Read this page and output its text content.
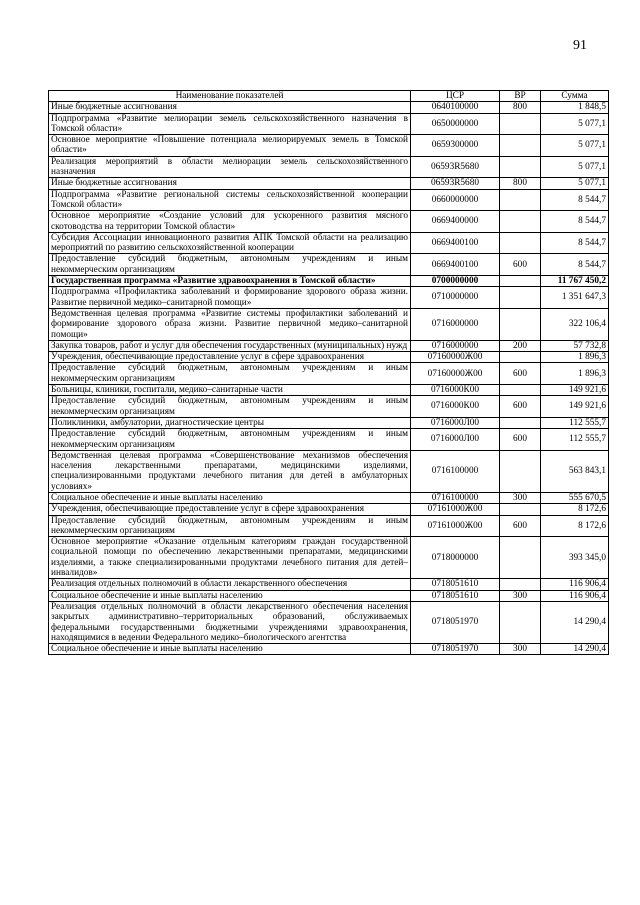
91
Наименование показателей	ЦСР	ВР	Сумма
Иные бюджетные ассигнования	0640100000	800	1 848,5
Подпрограмма «Развитие мелиорации земель сельскохозяйственного назначения в Томской области»	0650000000		5 077,1
Основное мероприятие «Повышение потенциала мелиорируемых земель в Томской области»	0659300000		5 077,1
Реализация мероприятий в области мелиорации земель сельскохозяйственного назначения	06593R5680		5 077,1
Иные бюджетные ассигнования	06593R5680	800	5 077,1
Подпрограмма «Развитие региональной системы сельскохозяйственной кооперации Томской области»	0660000000		8 544,7
Основное мероприятие «Создание условий для ускоренного развития мясного скотоводства на территории Томской области»	0669400000		8 544,7
Субсидия Ассоциации инновационного развития АПК Томской области на реализацию мероприятий по развитию сельскохозяйственной кооперации	0669400100		8 544,7
Предоставление субсидий бюджетным, автономным учреждениям и иным некоммерческим организациям	0669400100	600	8 544,7
Государственная программа «Развитие здравоохранения в Томской области»	0700000000		11 767 450,2
Подпрограмма «Профилактика заболеваний и формирование здорового образа жизни. Развитие первичной медико–санитарной помощи»	0710000000		1 351 647,3
Ведомственная целевая программа «Развитие системы профилактики заболеваний и формирование здорового образа жизни. Развитие первичной медико–санитарной помощи»	0716000000		322 106,4
Закупка товаров, работ и услуг для обеспечения государственных (муниципальных) нужд	0716000000	200	57 732,8
Учреждения, обеспечивающие предоставление услуг в сфере здравоохранения	07160000Ж00		1 896,3
Предоставление субсидий бюджетным, автономным учреждениям и иным некоммерческим организациям	07160000Ж00	600	1 896,3
Больницы, клиники, госпитали, медико–санитарные части	0716000К00		149 921,6
Предоставление субсидий бюджетным, автономным учреждениям и иным некоммерческим организациям	0716000К00	600	149 921,6
Поликлиники, амбулатории, диагностические центры	0716000Л00		112 555,7
Предоставление субсидий бюджетным, автономным учреждениям и иным некоммерческим организациям	0716000Л00	600	112 555,7
Ведомственная целевая программа «Совершенствование механизмов обеспечения населения лекарственными препаратами, медицинскими изделиями, специализированными продуктами лечебного питания для детей в амбулаторных условиях»	0716100000		563 843,1
Социальное обеспечение и иные выплаты населению	0716100000	300	555 670,5
Учреждения, обеспечивающие предоставление услуг в сфере здравоохранения	07161000Ж00		8 172,6
Предоставление субсидий бюджетным, автономным учреждениям и иным некоммерческим организациям	07161000Ж00	600	8 172,6
Основное мероприятие «Оказание отдельным категориям граждан государственной социальной помощи по обеспечению лекарственными препаратами, медицинскими изделиями, а также специализированными продуктами лечебного питания для детей–инвалидов»	0718000000		393 345,0
Реализация отдельных полномочий в области лекарственного обеспечения	0718051610		116 906,4
Социальное обеспечение и иные выплаты населению	0718051610	300	116 906,4
Реализация отдельных полномочий в области лекарственного обеспечения населения закрытых административно–территориальных образований, обслуживаемых федеральными государственными бюджетными учреждениями здравоохранения, находящимися в ведении Федерального медико–биологического агентства	0718051970		14 290,4
Социальное обеспечение и иные выплаты населению	0718051970	300	14 290,4
